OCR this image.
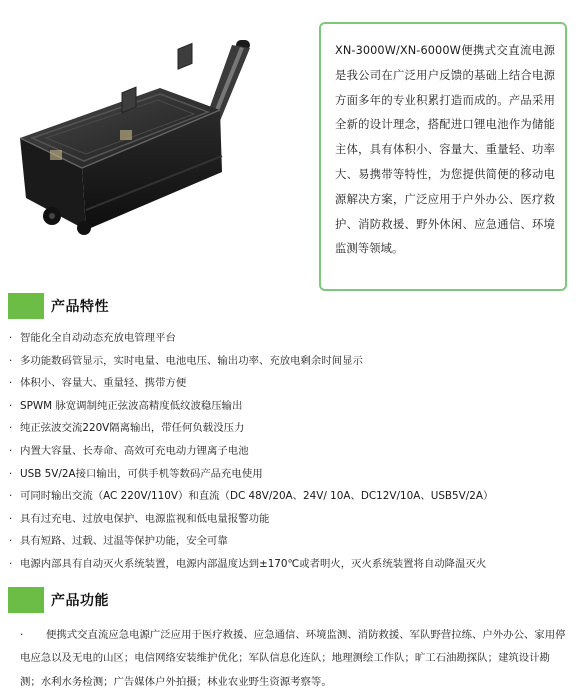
XN-3000W/XN-6000W便携式交直流电源是我公司在广泛用户反馈的基础上结合电源方面多年的专业积累打造而成的。产品采用全新的设计理念，搭配进口锂电池作为储能主体，具有体积小、容量大、重量轻、功率大、易携带等特性，为您提供简便的移动电源解决方案，广泛应用于户外办公、医疗救护、消防救援、野外休闲、应急通信、环境监测等领域。
产品特性
· 智能化全自动动态充放电管理平台
· 多功能数码管显示，实时电量、电池电压、输出功率、充放电剩余时间显示
· 体积小、容量大、重量轻、携带方便
· SPWM 脉宽调制纯正弦波高精度低纹波稳压输出
· 纯正弦波交流220V隔离输出，带任何负载没压力
· 内置大容量、长寿命、高效可充电动力锂离子电池
· USB 5V/2A接口输出，可供手机等数码产品充电使用
· 可同时输出交流（AC 220V/110V）和直流（DC 48V/20A、24V/ 10A、DC12V/10A、USB5V/2A）
· 具有过充电、过放电保护、电源监视和低电量报警功能
· 具有短路、过载、过温等保护功能，安全可靠
· 电源内部具有自动灭火系统装置，电源内部温度达到±170℃或者明火，灭火系统装置将自动降温灭火
产品功能

· 便携式交直流应急电源广泛应用于医疗救援、应急通信、环境监测、消防救援、军队野营拉练、户外办公、家用停电应急以及无电的山区；电信网络安装维护优化；军队信息化连队；地理测绘工作队；旷工石油勘探队；建筑设计勘测；水利水务检测；广告媒体户外拍摄；林业农业野生资源考察等。
